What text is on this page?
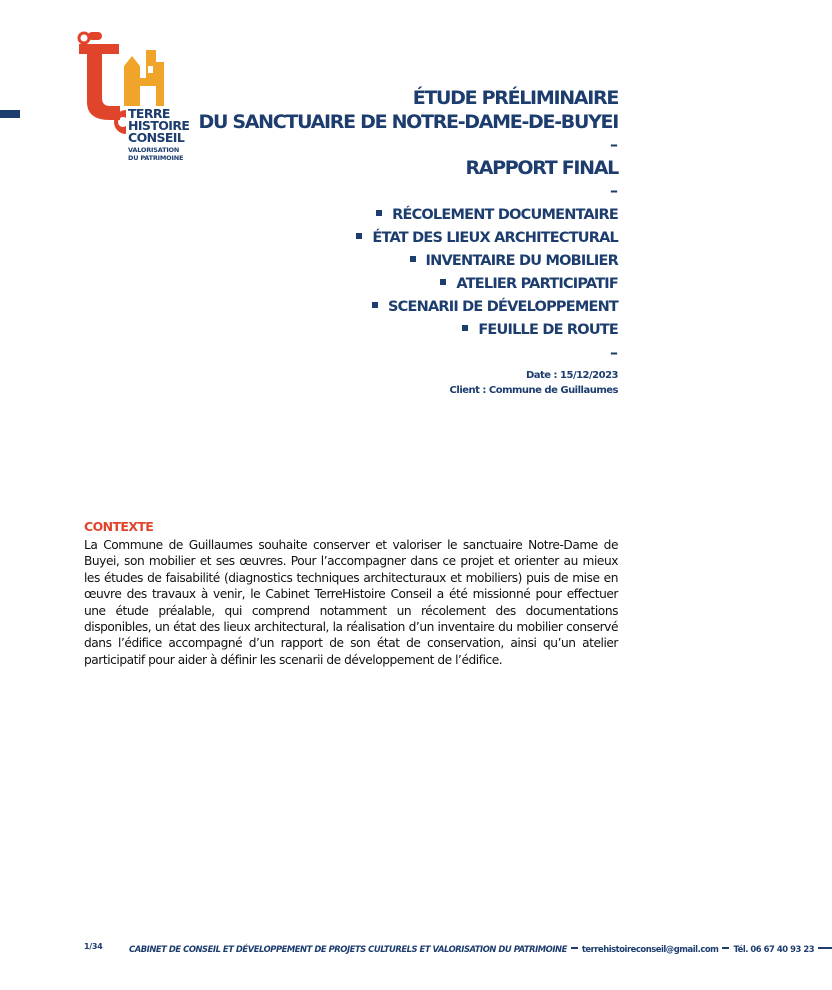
TERRE
HISTOIRE
CONSEIL
VALORISATION
DU PATRIMOINE
ÉTUDE PRÉLIMINAIRE
DU SANCTUAIRE DE NOTRE-DAME-DE-BUYEI
–
RAPPORT FINAL
–
RÉCOLEMENT DOCUMENTAIRE
ÉTAT DES LIEUX ARCHITECTURAL
INVENTAIRE DU MOBILIER
ATELIER PARTICIPATIF
SCENARII DE DÉVELOPPEMENT
FEUILLE DE ROUTE
–
Date : 15/12/2023
Client : Commune de Guillaumes
CONTEXTE

La Commune de Guillaumes souhaite conserver et valoriser le sanctuaire Notre-Dame de Buyei, son mobilier et ses œuvres. Pour l’accompagner dans ce projet et orienter au mieux les études de faisabilité (diagnostics techniques architecturaux et mobiliers) puis de mise en œuvre des travaux à venir, le Cabinet TerreHistoire Conseil a été missionné pour effectuer une étude préalable, qui comprend notamment un récolement des documentations disponibles, un état des lieux architectural, la réalisation d’un inventaire du mobilier conservé dans l’édifice accompagné d’un rapport de son état de conservation, ainsi qu’un atelier participatif pour aider à définir les scenarii de développement de l’édifice.

1/34	CABINET DE CONSEIL ET DÉVELOPPEMENT DE PROJETS CULTURELS ET VALORISATION DU PATRIMOINE terrehistoireconseil@gmail.com Tél. 06 67 40 93 23
